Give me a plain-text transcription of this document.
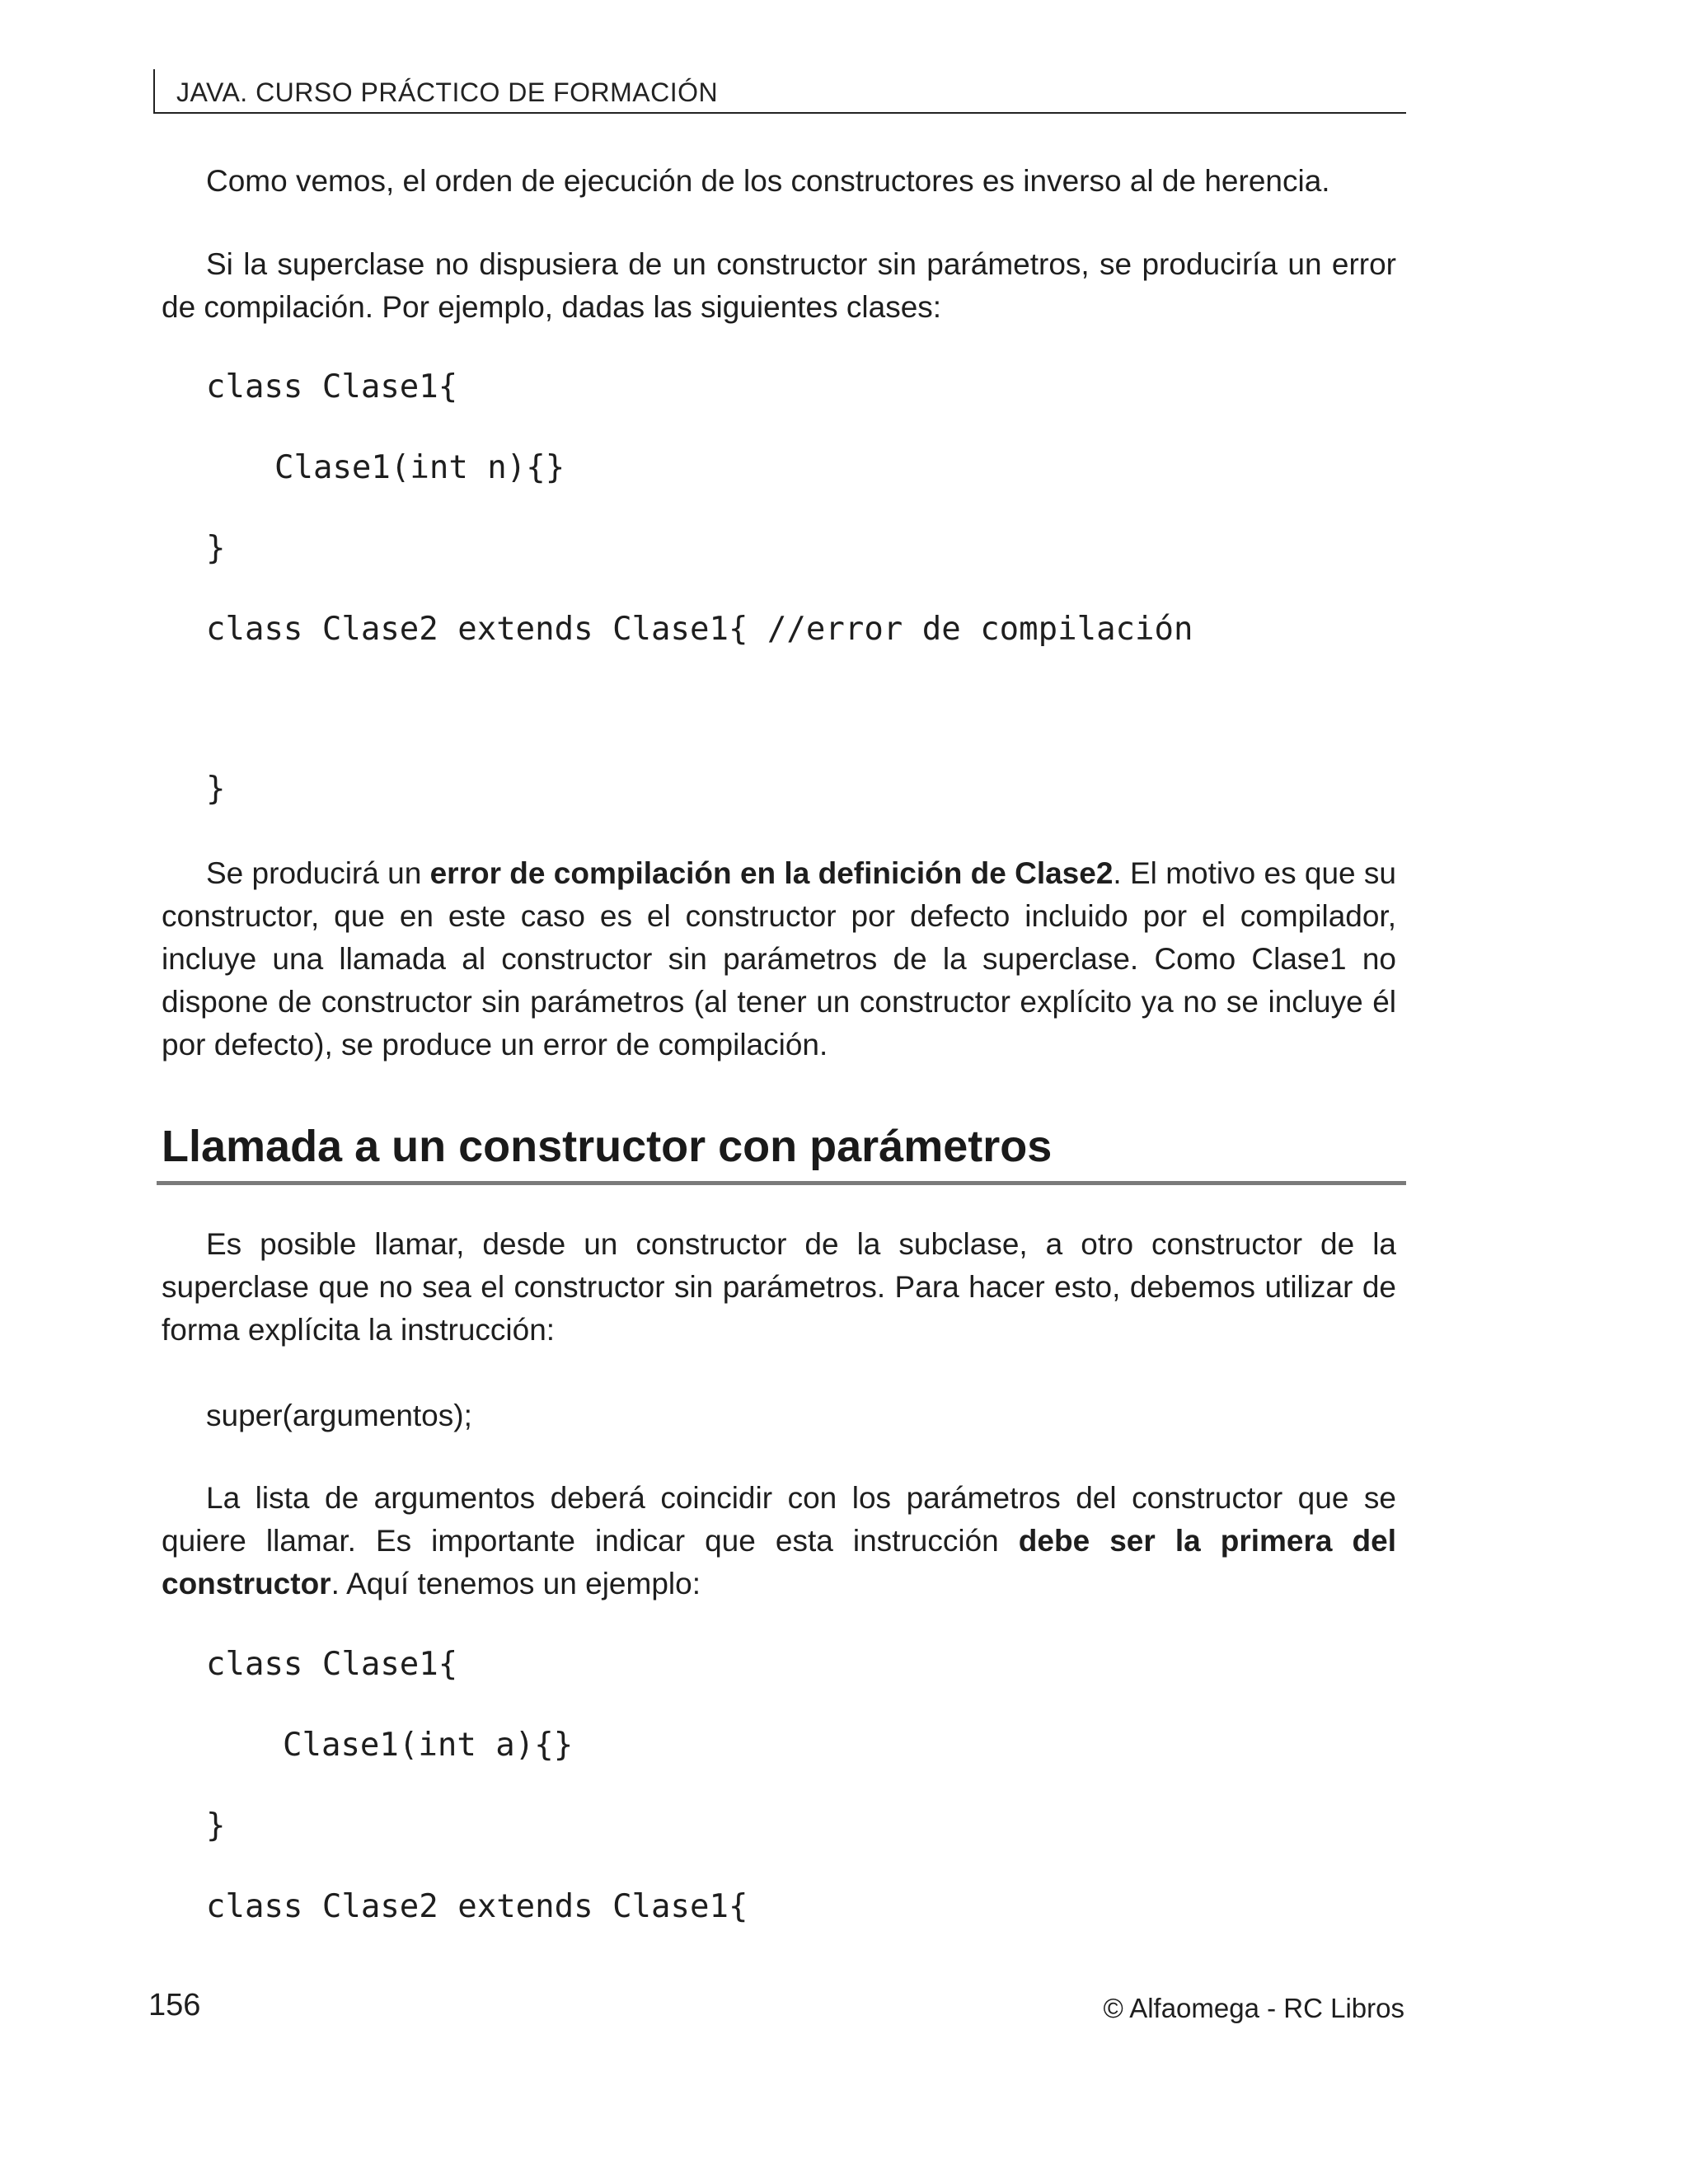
JAVA. CURSO PRÁCTICO DE FORMACIÓN

Como vemos, el orden de ejecución de los constructores es inverso al de herencia.

Si la superclase no dispusiera de un constructor sin parámetros, se produciría un error de compilación. Por ejemplo, dadas las siguientes clases:

class Clase1{
Clase1(int n){}
}
class Clase2 extends Clase1{ //error de compilación
}

Se producirá un error de compilación en la definición de Clase2. El motivo es que su constructor, que en este caso es el constructor por defecto incluido por el compilador, incluye una llamada al constructor sin parámetros de la superclase. Como Clase1 no dispone de constructor sin parámetros (al tener un constructor explícito ya no se incluye él por defecto), se produce un error de compilación.

Llamada a un constructor con parámetros

Es posible llamar, desde un constructor de la subclase, a otro constructor de la superclase que no sea el constructor sin parámetros. Para hacer esto, debemos utilizar de forma explícita la instrucción:

super(argumentos);

La lista de argumentos deberá coincidir con los parámetros del constructor que se quiere llamar. Es importante indicar que esta instrucción debe ser la primera del constructor. Aquí tenemos un ejemplo:

class Clase1{
Clase1(int a){}
}
class Clase2 extends Clase1{
156	© Alfaomega - RC Libros
